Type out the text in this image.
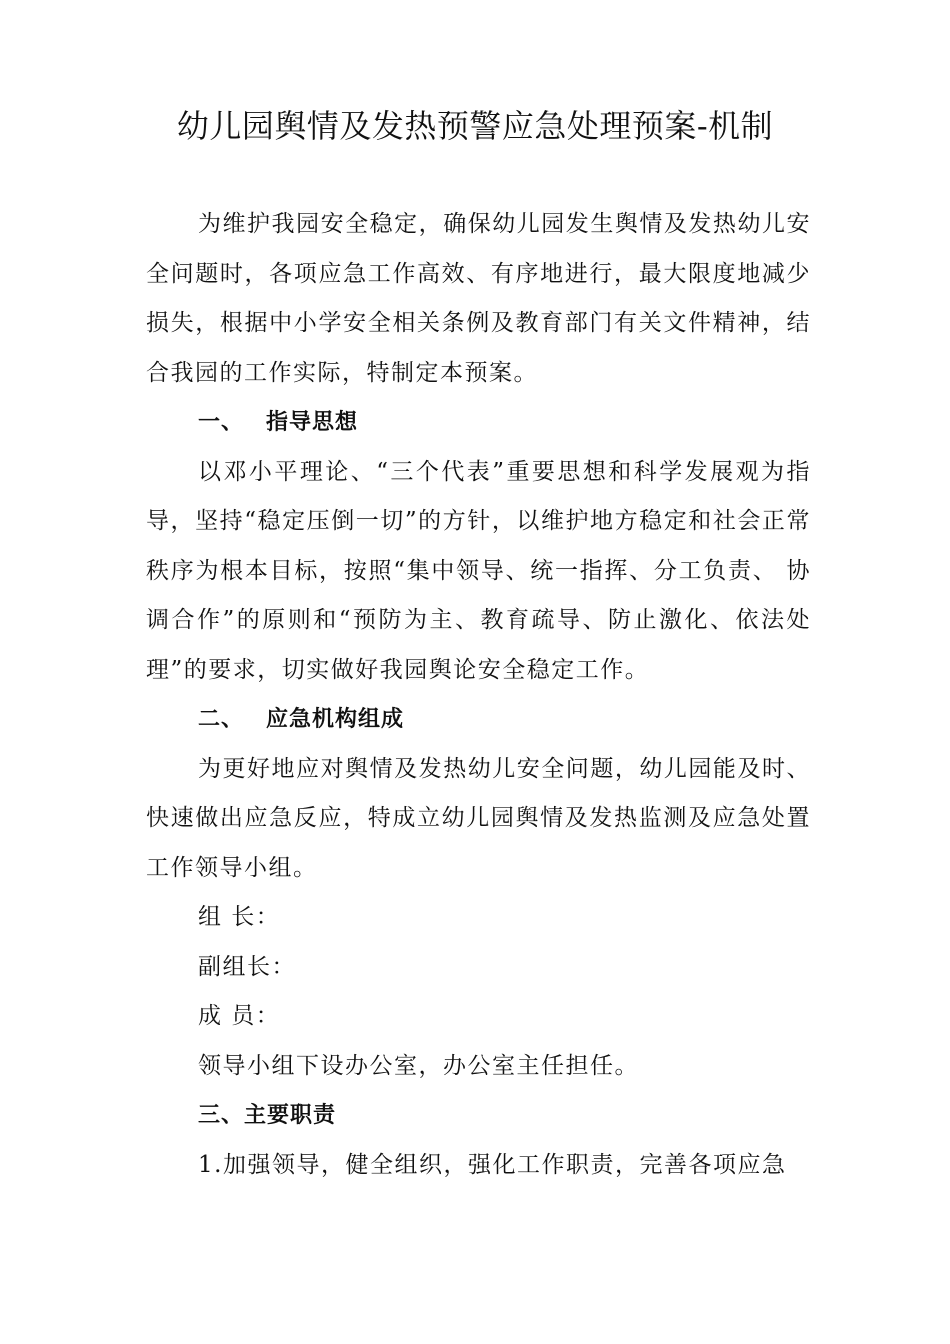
幼儿园舆情及发热预警应急处理预案-机制

为维护我园安全稳定，确保幼儿园发生舆情及发热幼儿安全问题时，各项应急工作高效、有序地进行，最大限度地减少损失，根据中小学安全相关条例及教育部门有关文件精神，结合我园的工作实际，特制定本预案。

一、 指导思想

以邓小平理论、“三个代表”重要思想和科学发展观为指导，坚持“稳定压倒一切”的方针，以维护地方稳定和社会正常秩序为根本目标，按照“集中领导、统一指挥、分工负责、 协调合作”的原则和“预防为主、教育疏导、防止激化、依法处理”的要求，切实做好我园舆论安全稳定工作。

二、 应急机构组成

为更好地应对舆情及发热幼儿安全问题，幼儿园能及时、快速做出应急反应，特成立幼儿园舆情及发热监测及应急处置工作领导小组。

组 长：

副组长：

成 员：

领导小组下设办公室，办公室主任担任。

三、主要职责

1.加强领导，健全组织，强化工作职责，完善各项应急
